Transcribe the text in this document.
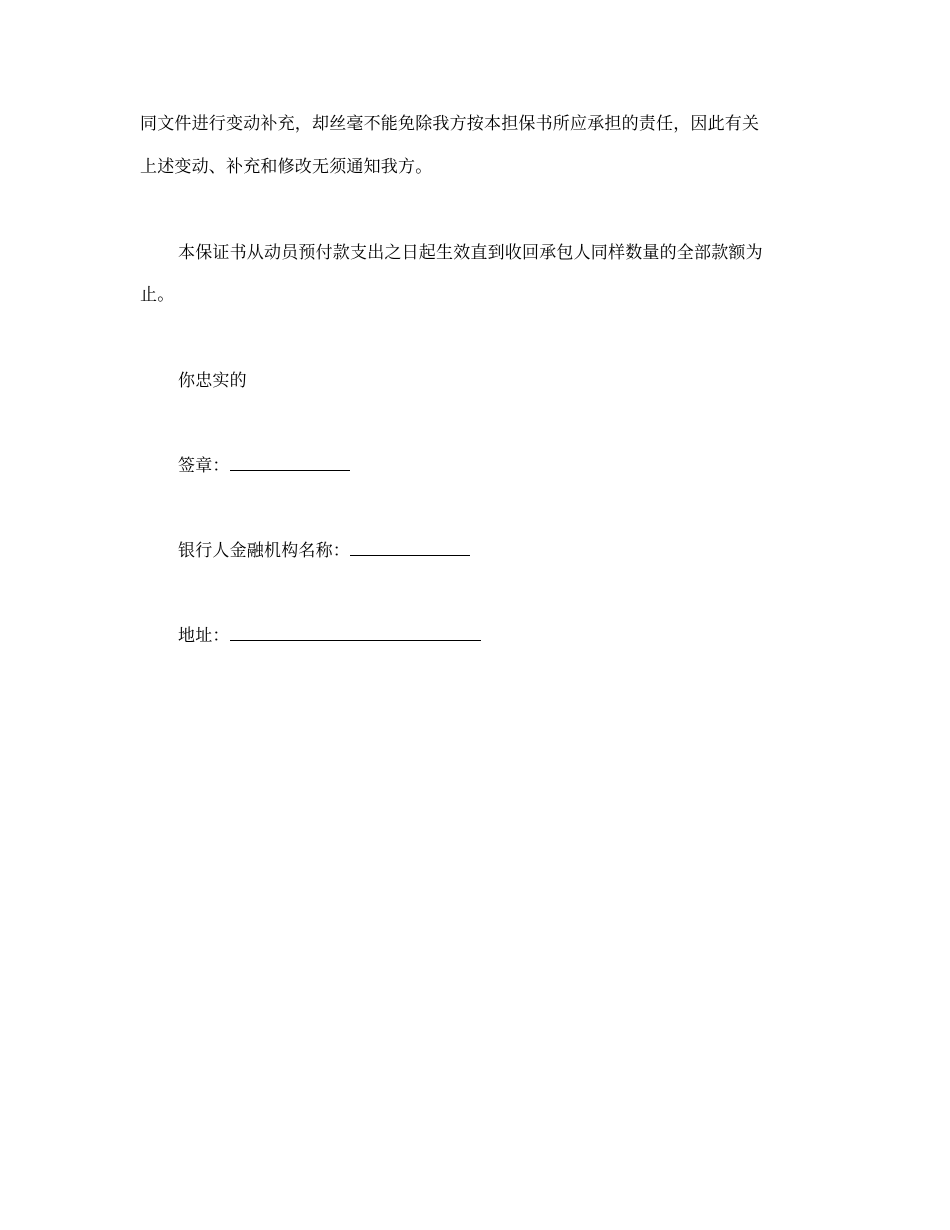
同文件进行变动补充，却丝毫不能免除我方按本担保书所应承担的责任，因此有关
上述变动、补充和修改无须通知我方。
本保证书从动员预付款支出之日起生效直到收回承包人同样数量的全部款额为
止。
你忠实的
签章：
银行人金融机构名称：
地址：
